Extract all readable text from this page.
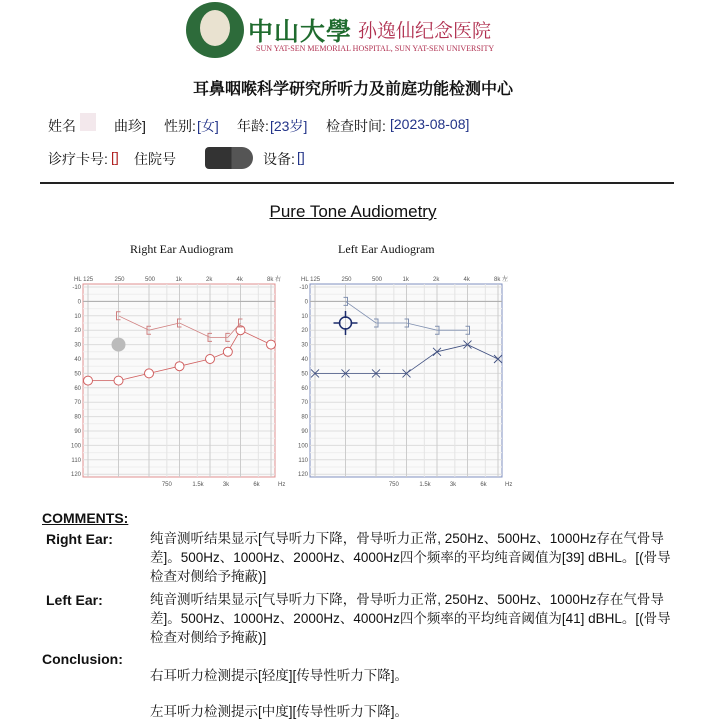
中山大學 孙逸仙纪念医院
SUN YAT-SEN MEMORIAL HOSPITAL, SUN YAT-SEN UNIVERSITY
耳鼻咽喉科学研究所听力及前庭功能检测中心
姓名	曲珍] 性别: [女] 年龄: [23岁] 检查时间: [2023-08-08]
诊疗卡号: [] 住院号	设备: []
Pure Tone Audiometry
Right Ear Audiogram	Left Ear Audiogram
HL 125	250	500	1k	2k	4k	8k 右
750	1.5k	3k	6k	Hz
-10
0
10
20
30
40
50
60
70
80
90
100
110
120
HL 125	250	500	1k	2k	4k	8k 左
750	1.5k	3k	6k	Hz
-10
0
10
20
30
40
50
60
70
80
90
100
110
120
COMMENTS:
Right Ear:	纯音测听结果显示[气导听力下降，骨导听力正常, 250Hz、500Hz、1000Hz存在气骨导差]。500Hz、1000Hz、2000Hz、4000Hz四个频率的平均纯音阈值为[39] dBHL。[(骨导检查对侧给予掩蔽)]
Left Ear:	纯音测听结果显示[气导听力下降，骨导听力正常, 250Hz、500Hz、1000Hz存在气骨导差]。500Hz、1000Hz、2000Hz、4000Hz四个频率的平均纯音阈值为[41] dBHL。[(骨导检查对侧给予掩蔽)]
Conclusion:
右耳听力检测提示[轻度][传导性听力下降]。
左耳听力检测提示[中度][传导性听力下降]。
